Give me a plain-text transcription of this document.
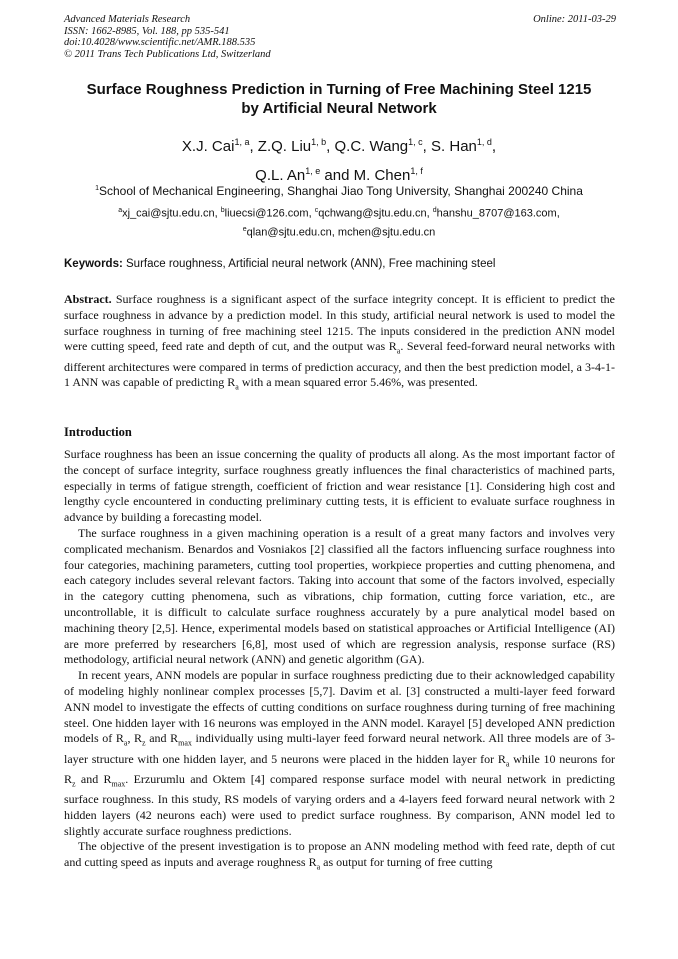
Advanced Materials Research
ISSN: 1662-8985, Vol. 188, pp 535-541
doi:10.4028/www.scientific.net/AMR.188.535
© 2011 Trans Tech Publications Ltd, Switzerland
Online: 2011-03-29
Surface Roughness Prediction in Turning of Free Machining Steel 1215
by Artificial Neural Network
X.J. Cai$^{1, a}$, Z.Q. Liu$^{1, b}$, Q.C. Wang$^{1, c}$, S. Han$^{1, d}$,
Q.L. An$^{1, e}$ and M. Chen$^{1, f}$
$^1$School of Mechanical Engineering, Shanghai Jiao Tong University, Shanghai 200240 China
$^a$xj_cai@sjtu.edu.cn, $^b$liuecsi@126.com, $^c$qchwang@sjtu.edu.cn, $^d$hanshu_8707@163.com,
$^e$qlan@sjtu.edu.cn, mchen@sjtu.edu.cn
Keywords: Surface roughness, Artificial neural network (ANN), Free machining steel

Abstract. Surface roughness is a significant aspect of the surface integrity concept. It is efficient to predict the surface roughness in advance by a prediction model. In this study, artificial neural network is used to model the surface roughness in turning of free machining steel 1215. The inputs considered in the prediction ANN model were cutting speed, feed rate and depth of cut, and the output was $R_a$. Several feed-forward neural networks with different architectures were compared in terms of prediction accuracy, and then the best prediction model, a 3-4-1-1 ANN was capable of predicting $R_a$ with a mean squared error 5.46%, was presented.

Introduction

Surface roughness has been an issue concerning the quality of products all along. As the most important factor of the concept of surface integrity, surface roughness greatly influences the final characteristics of machined parts, especially in terms of fatigue strength, coefficient of friction and wear resistance [1]. Considering high cost and lengthy cycle encountered in conducting preliminary cutting tests, it is efficient to evaluate surface roughness in advance by building a forecasting model.

The surface roughness in a given machining operation is a result of a great many factors and involves very complicated mechanism. Benardos and Vosniakos [2] classified all the factors influencing surface roughness into four categories, machining parameters, cutting tool properties, workpiece properties and cutting phenomena, and each category includes several relevant factors. Taking into account that some of the factors involved, especially in the category cutting phenomena, such as vibrations, chip formation, cutting force variation, etc., are uncontrollable, it is difficult to calculate surface roughness accurately by a pure analytical model based on machining theory [2,5]. Hence, experimental models based on statistical approaches or Artificial Intelligence (AI) are more preferred by researchers [6,8], most used of which are regression analysis, response surface (RS) methodology, artificial neural network (ANN) and genetic algorithm (GA).

In recent years, ANN models are popular in surface roughness predicting due to their acknowledged capability of modeling highly nonlinear complex processes [5,7]. Davim et al. [3] constructed a multi-layer feed forward ANN model to investigate the effects of cutting conditions on surface roughness during turning of free machining steel. One hidden layer with 16 neurons was employed in the ANN model. Karayel [5] developed ANN prediction models of $R_a$, $R_z$ and $R_{max}$ individually using multi-layer feed forward neural network. All three models are of 3-layer structure with one hidden layer, and 5 neurons were placed in the hidden layer for $R_a$ while 10 neurons for $R_z$ and $R_{max}$. Erzurumlu and Oktem [4] compared response surface model with neural network in predicting surface roughness. In this study, RS models of varying orders and a 4-layers feed forward neural network with 2 hidden layers (42 neurons each) were used to predict surface roughness. By comparison, ANN model led to slightly accurate surface roughness predictions.

The objective of the present investigation is to propose an ANN modeling method with feed rate, depth of cut and cutting speed as inputs and average roughness $R_a$ as output for turning of free cutting
